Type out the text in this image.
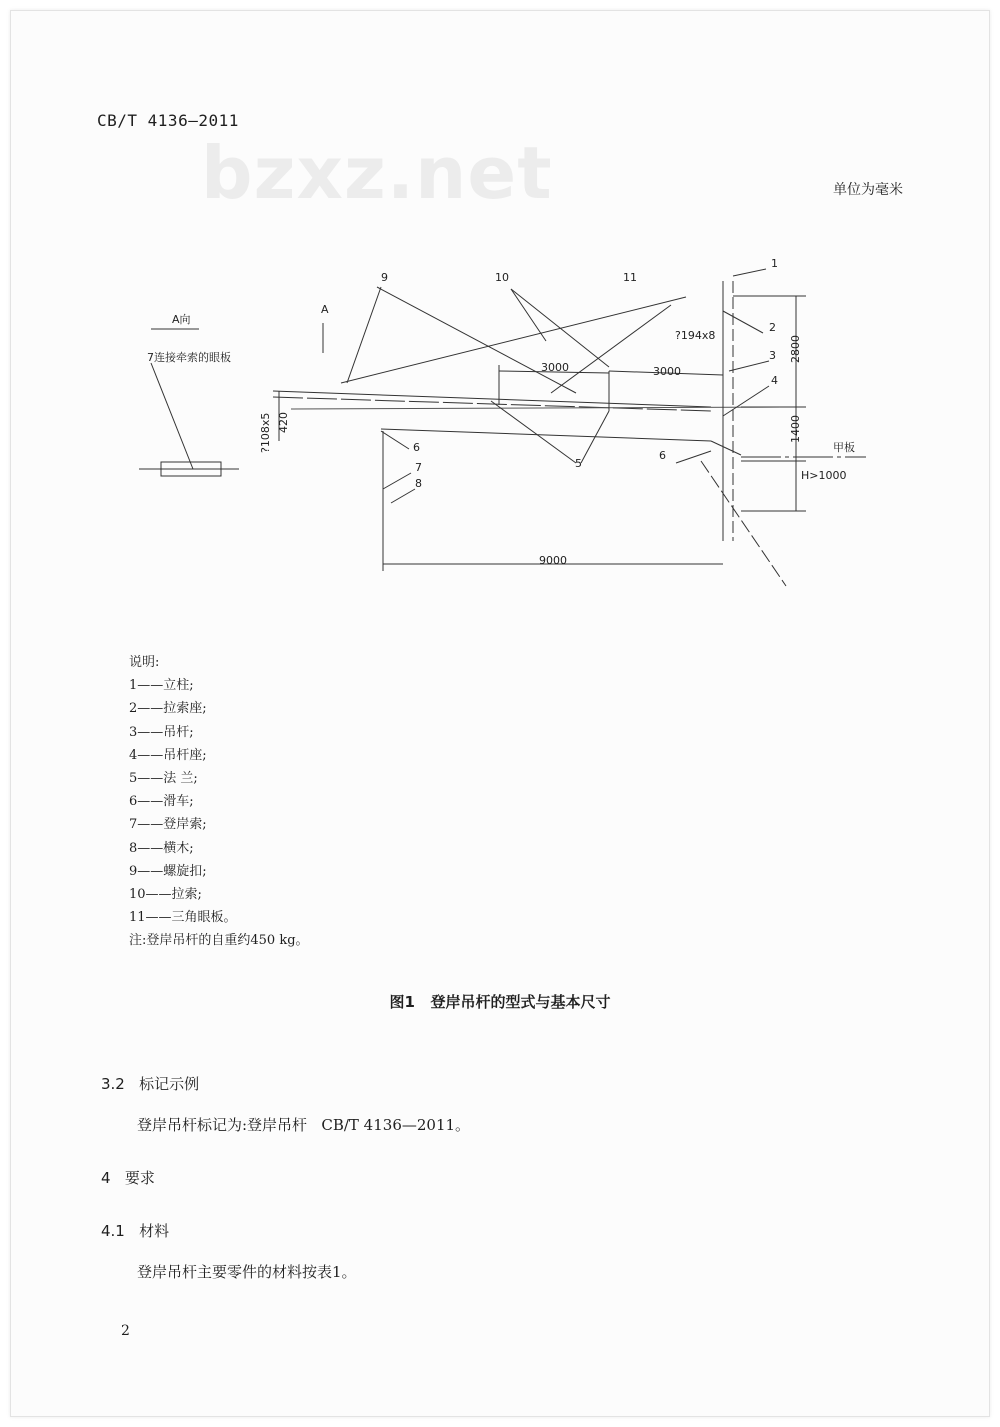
CB/T 4136—2011
bzxz.net	单位为毫米
A向
7连接牵索的眼板
A
1
2
3
4
5
6
6
7
8
9	10	11
?194x8
3000	3000
9000
H>1000
甲板
2800
1400
?108x5 420
说明:
1——立柱;
2——拉索座;
3——吊杆;
4——吊杆座;
5——法 兰;
6——滑车;
7——登岸索;
8——横木;
9——螺旋扣;
10——拉索;
11——三角眼板。
注:登岸吊杆的自重约450 kg。
图1   登岸吊杆的型式与基本尺寸
3.2   标记示例
登岸吊杆标记为:登岸吊杆   CB/T 4136—2011。
4   要求
4.1   材料
登岸吊杆主要零件的材料按表1。
2
